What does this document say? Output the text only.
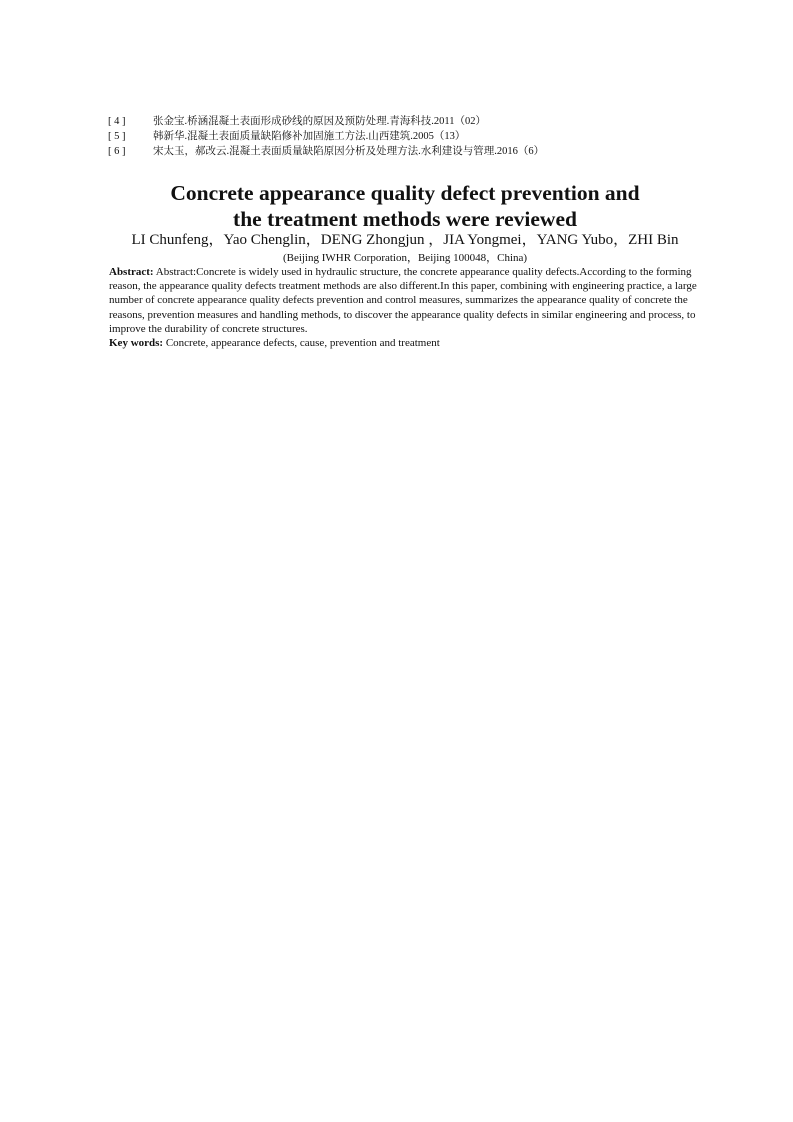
[ 4 ]	张金宝.桥涵混凝土表面形成砂线的原因及预防处理.青海科技.2011（02）
[ 5 ]	韩新华.混凝土表面质量缺陷修补加固施工方法.山西建筑.2005（13）
[ 6 ]	宋太玉，郝改云.混凝土表面质量缺陷原因分析及处理方法.水利建设与管理.2016（6）
Concrete appearance quality defect prevention and
the treatment methods were reviewed
LI Chunfeng，Yao Chenglin，DENG Zhongjun ，JIA Yongmei，YANG Yubo，ZHI Bin
(Beijing IWHR Corporation，Beijing 100048，China)

Abstract: Abstract:Concrete is widely used in hydraulic structure, the concrete appearance quality defects.According to the forming reason, the appearance quality defects treatment methods are also different.In this paper, combining with engineering practice, a large number of concrete appearance quality defects prevention and control measures, summarizes the appearance quality of concrete the reasons, prevention measures and handling methods, to discover the appearance quality defects in similar engineering and process, to improve the durability of concrete structures.

Key words: Concrete, appearance defects, cause, prevention and treatment
